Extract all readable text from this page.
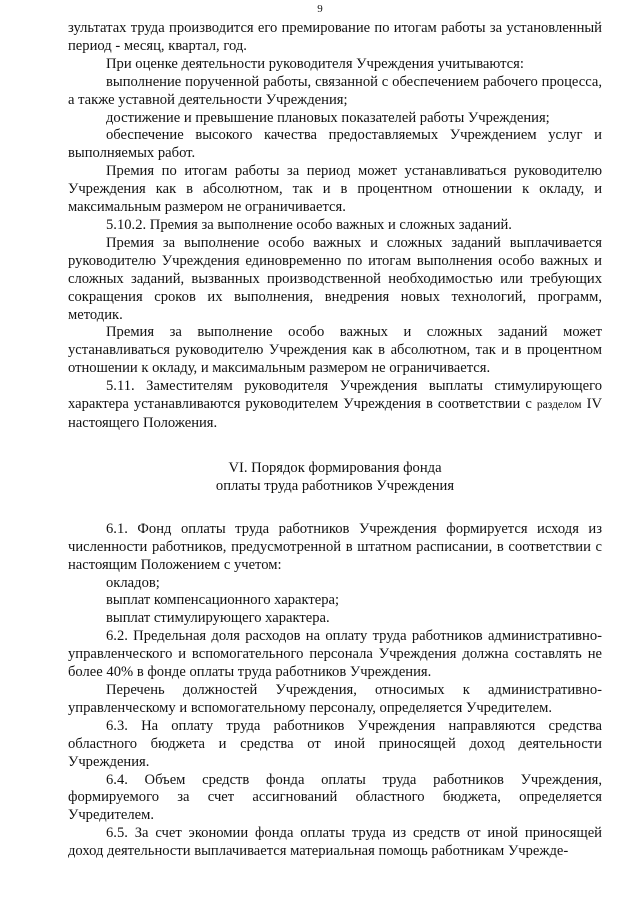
9

зультатах труда производится его премирование по итогам работы за установленный период - месяц, квартал, год.

При оценке деятельности руководителя Учреждения учитываются:

выполнение порученной работы, связанной с обеспечением рабочего процесса, а также уставной деятельности Учреждения;

достижение и превышение плановых показателей работы Учреждения;

обеспечение высокого качества предоставляемых Учреждением услуг и выполняемых работ.

Премия по итогам работы за период может устанавливаться руководителю Учреждения как в абсолютном, так и в процентном отношении к окладу, и максимальным размером не ограничивается.

5.10.2. Премия за выполнение особо важных и сложных заданий.

Премия за выполнение особо важных и сложных заданий выплачивается руководителю Учреждения единовременно по итогам выполнения особо важных и сложных заданий, вызванных производственной необходимостью или требующих сокращения сроков их выполнения, внедрения новых технологий, программ, методик.

Премия за выполнение особо важных и сложных заданий может устанавливаться руководителю Учреждения как в абсолютном, так и в процентном отношении к окладу, и максимальным размером не ограничивается.

5.11. Заместителям руководителя Учреждения выплаты стимулирующего характера устанавливаются руководителем Учреждения в соответствии с разделом IV настоящего Положения.

VI. Порядок формирования фонда
оплаты труда работников Учреждения

6.1. Фонд оплаты труда работников Учреждения формируется исходя из численности работников, предусмотренной в штатном расписании, в соответствии с настоящим Положением с учетом:

окладов;

выплат компенсационного характера;

выплат стимулирующего характера.

6.2. Предельная доля расходов на оплату труда работников административно-управленческого и вспомогательного персонала Учреждения должна составлять не более 40% в фонде оплаты труда работников Учреждения.

Перечень должностей Учреждения, относимых к административно-управленческому и вспомогательному персоналу, определяется Учредителем.

6.3. На оплату труда работников Учреждения направляются средства областного бюджета и средства от иной приносящей доход деятельности Учреждения.

6.4. Объем средств фонда оплаты труда работников Учреждения, формируемого за счет ассигнований областного бюджета, определяется Учредителем.

6.5. За счет экономии фонда оплаты труда из средств от иной приносящей доход деятельности выплачивается материальная помощь работникам Учрежде-
